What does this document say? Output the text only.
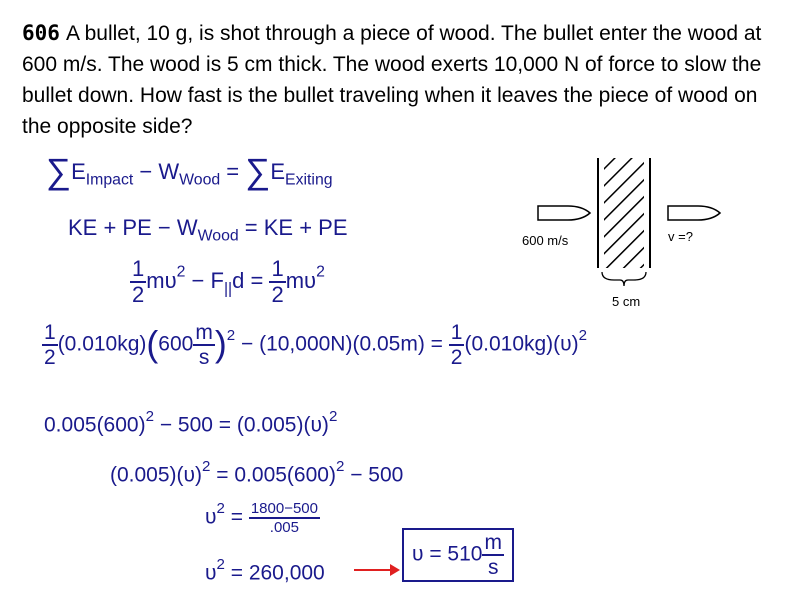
606 A bullet, 10 g, is shot through a piece of wood. The bullet enter the wood at 600 m/s. The wood is 5 cm thick. The wood exerts 10,000 N of force to slow the bullet down. How fast is the bullet traveling when it leaves the piece of wood on the opposite side?
600 m/s	v =?
5 cm
$\sum E_{Impact} - W_{Wood} = \sum E_{Exiting}$
KE + PE − $W_{Wood}$ = KE + PE
$\frac{1}{2} m\upsilon^2 - F_{||}d = \frac{1}{2} m\upsilon^2$
$\frac{1}{2} (0.010kg)(600 \frac{m}{s} )^2 - (10,000N)(0.05m) = \frac{1}{2} (0.010kg)(\upsilon)^2$
$0.005(600)^2 - 500 = (0.005)(\upsilon)^2$
$(0.005)(\upsilon)^2 = 0.005(600)^2 - 500$
$\upsilon^2 = \frac{1800-500}{.005}$
$\upsilon^2 = 260,000$
$\upsilon = 510 \frac{m}{s}$
